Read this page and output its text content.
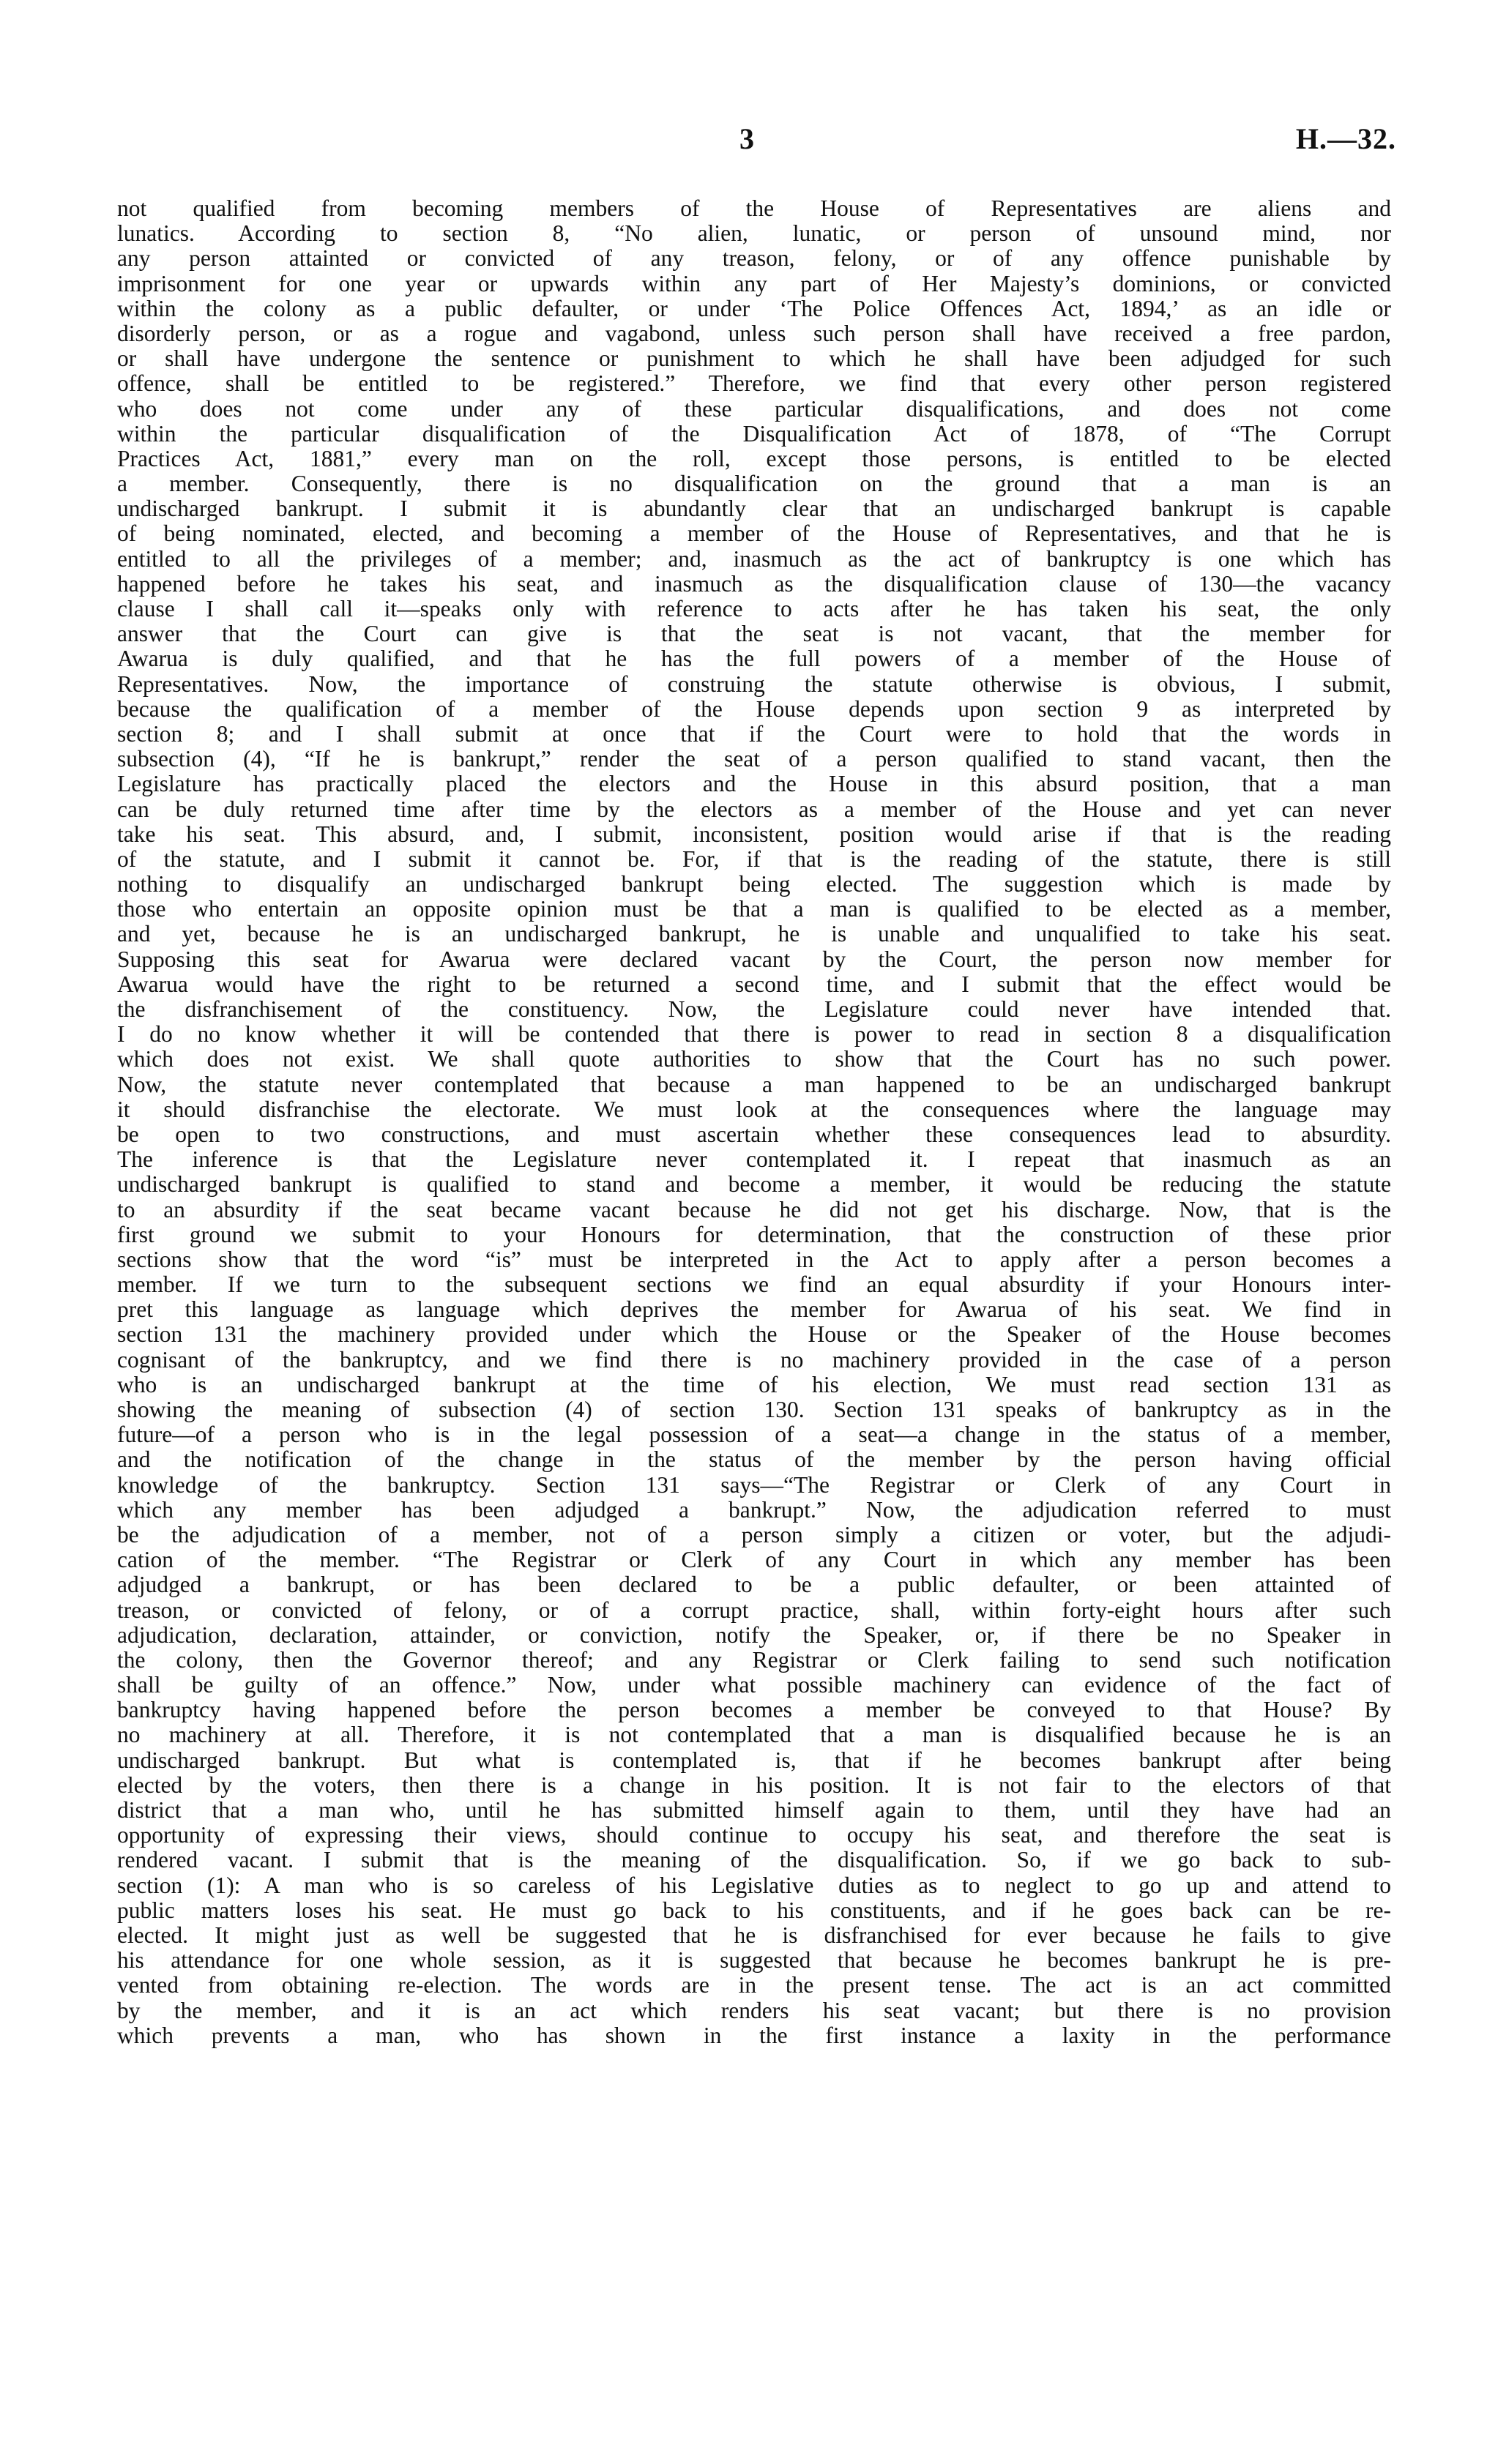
3	H.—32.
not qualified from becoming members of the House of Representatives are aliens and
lunatics. According to section 8, “No alien, lunatic, or person of unsound mind, nor
any person attainted or convicted of any treason, felony, or of any offence punishable by
imprisonment for one year or upwards within any part of Her Majesty’s dominions, or convicted
within the colony as a public defaulter, or under ‘The Police Offences Act, 1894,’ as an idle or
disorderly person, or as a rogue and vagabond, unless such person shall have received a free pardon,
or shall have undergone the sentence or punishment to which he shall have been adjudged for such
offence, shall be entitled to be registered.” Therefore, we find that every other person registered
who does not come under any of these particular disqualifications, and does not come
within the particular disqualification of the Disqualification Act of 1878, of “The Corrupt
Practices Act, 1881,” every man on the roll, except those persons, is entitled to be elected
a member. Consequently, there is no disqualification on the ground that a man is an
undischarged bankrupt. I submit it is abundantly clear that an undischarged bankrupt is capable
of being nominated, elected, and becoming a member of the House of Representatives, and that he is
entitled to all the privileges of a member; and, inasmuch as the act of bankruptcy is one which has
happened before he takes his seat, and inasmuch as the disqualification clause of 130—the vacancy
clause I shall call it—speaks only with reference to acts after he has taken his seat, the only
answer that the Court can give is that the seat is not vacant, that the member for
Awarua is duly qualified, and that he has the full powers of a member of the House of
Representatives. Now, the importance of construing the statute otherwise is obvious, I submit,
because the qualification of a member of the House depends upon section 9 as interpreted by
section 8; and I shall submit at once that if the Court were to hold that the words in
subsection (4), “If he is bankrupt,” render the seat of a person qualified to stand vacant, then the
Legislature has practically placed the electors and the House in this absurd position, that a man
can be duly returned time after time by the electors as a member of the House and yet can never
take his seat. This absurd, and, I submit, inconsistent, position would arise if that is the reading
of the statute, and I submit it cannot be. For, if that is the reading of the statute, there is still
nothing to disqualify an undischarged bankrupt being elected. The suggestion which is made by
those who entertain an opposite opinion must be that a man is qualified to be elected as a member,
and yet, because he is an undischarged bankrupt, he is unable and unqualified to take his seat.
Supposing this seat for Awarua were declared vacant by the Court, the person now member for
Awarua would have the right to be returned a second time, and I submit that the effect would be
the disfranchisement of the constituency. Now, the Legislature could never have intended that.
I do no know whether it will be contended that there is power to read in section 8 a disqualification
which does not exist. We shall quote authorities to show that the Court has no such power.
Now, the statute never contemplated that because a man happened to be an undischarged bankrupt
it should disfranchise the electorate. We must look at the consequences where the language may
be open to two constructions, and must ascertain whether these consequences lead to absurdity.
The inference is that the Legislature never contemplated it. I repeat that inasmuch as an
undischarged bankrupt is qualified to stand and become a member, it would be reducing the statute
to an absurdity if the seat became vacant because he did not get his discharge. Now, that is the
first ground we submit to your Honours for determination, that the construction of these prior
sections show that the word “is” must be interpreted in the Act to apply after a person becomes a
member. If we turn to the subsequent sections we find an equal absurdity if your Honours inter-
pret this language as language which deprives the member for Awarua of his seat. We find in
section 131 the machinery provided under which the House or the Speaker of the House becomes
cognisant of the bankruptcy, and we find there is no machinery provided in the case of a person
who is an undischarged bankrupt at the time of his election, We must read section 131 as
showing the meaning of subsection (4) of section 130. Section 131 speaks of bankruptcy as in the
future—of a person who is in the legal possession of a seat—a change in the status of a member,
and the notification of the change in the status of the member by the person having official
knowledge of the bankruptcy. Section 131 says—“The Registrar or Clerk of any Court in
which any member has been adjudged a bankrupt.” Now, the adjudication referred to must
be the adjudication of a member, not of a person simply a citizen or voter, but the adjudi-
cation of the member. “The Registrar or Clerk of any Court in which any member has been
adjudged a bankrupt, or has been declared to be a public defaulter, or been attainted of
treason, or convicted of felony, or of a corrupt practice, shall, within forty-eight hours after such
adjudication, declaration, attainder, or conviction, notify the Speaker, or, if there be no Speaker in
the colony, then the Governor thereof; and any Registrar or Clerk failing to send such notification
shall be guilty of an offence.” Now, under what possible machinery can evidence of the fact of
bankruptcy having happened before the person becomes a member be conveyed to that House? By
no machinery at all. Therefore, it is not contemplated that a man is disqualified because he is an
undischarged bankrupt. But what is contemplated is, that if he becomes bankrupt after being
elected by the voters, then there is a change in his position. It is not fair to the electors of that
district that a man who, until he has submitted himself again to them, until they have had an
opportunity of expressing their views, should continue to occupy his seat, and therefore the seat is
rendered vacant. I submit that is the meaning of the disqualification. So, if we go back to sub-
section (1): A man who is so careless of his Legislative duties as to neglect to go up and attend to
public matters loses his seat. He must go back to his constituents, and if he goes back can be re-
elected. It might just as well be suggested that he is disfranchised for ever because he fails to give
his attendance for one whole session, as it is suggested that because he becomes bankrupt he is pre-
vented from obtaining re-election. The words are in the present tense. The act is an act committed
by the member, and it is an act which renders his seat vacant; but there is no provision
which prevents a man, who has shown in the first instance a laxity in the performance
